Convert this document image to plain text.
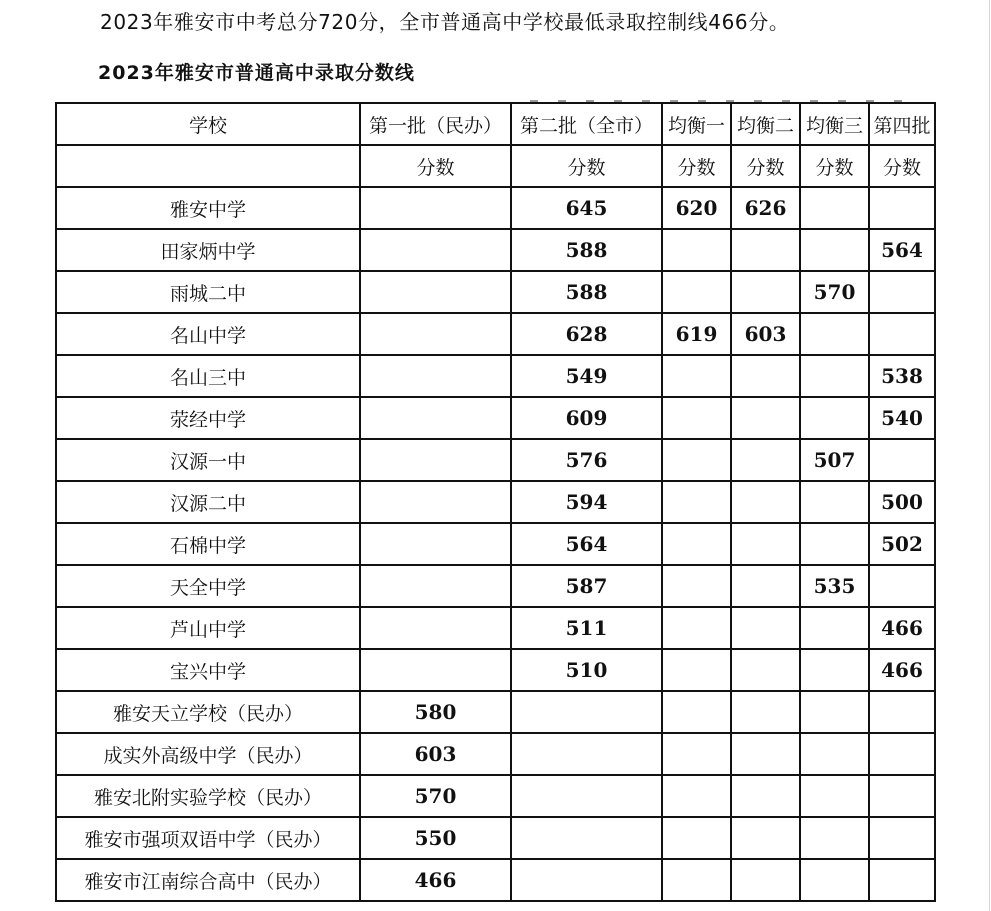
2023年雅安市中考总分720分，全市普通高中学校最低录取控制线466分。
2023年雅安市普通高中录取分数线
学校	第一批（民办）	第二批（全市）	均衡一	均衡二	均衡三	第四批
	分数	分数	分数	分数	分数	分数
雅安中学		645	620	626		
田家炳中学		588				564
雨城二中		588			570	
名山中学		628	619	603		
名山三中		549				538
荥经中学		609				540
汉源一中		576			507	
汉源二中		594				500
石棉中学		564				502
天全中学		587			535	
芦山中学		511				466
宝兴中学		510				466
雅安天立学校（民办）	580					
成实外高级中学（民办）	603					
雅安北附实验学校（民办）	570					
雅安市强项双语中学（民办）	550					
雅安市江南综合高中（民办）	466					
